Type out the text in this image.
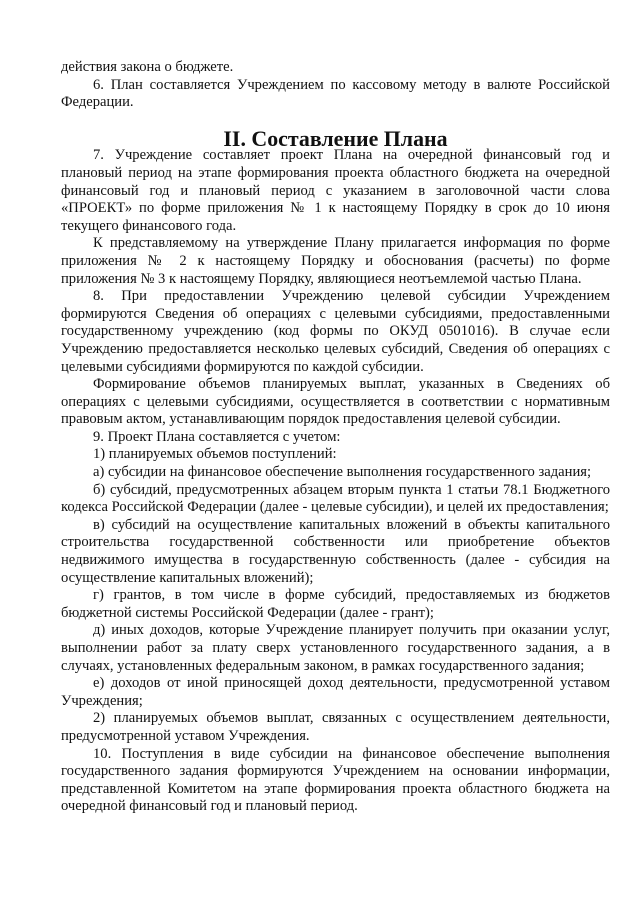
действия закона о бюджете.

6. План составляется Учреждением по кассовому методу в валюте Российской Федерации.

II. Составление Плана

7. Учреждение составляет проект Плана на очередной финансовый год и плановый период на этапе формирования проекта областного бюджета на очередной финансовый год и плановый период с указанием в заголовочной части слова «ПРОЕКТ» по форме приложения № 1 к настоящему Порядку в срок до 10 июня текущего финансового года.

К представляемому на утверждение Плану прилагается информация по форме приложения № 2 к настоящему Порядку и обоснования (расчеты) по форме приложения № 3 к настоящему Порядку, являющиеся неотъемлемой частью Плана.

8. При предоставлении Учреждению целевой субсидии Учреждением формируются Сведения об операциях с целевыми субсидиями, предоставленными государственному учреждению (код формы по ОКУД 0501016). В случае если Учреждению предоставляется несколько целевых субсидий, Сведения об операциях с целевыми субсидиями формируются по каждой субсидии.

Формирование объемов планируемых выплат, указанных в Сведениях об операциях с целевыми субсидиями, осуществляется в соответствии с нормативным правовым актом, устанавливающим порядок предоставления целевой субсидии.

9. Проект Плана составляется с учетом:

1) планируемых объемов поступлений:

а) субсидии на финансовое обеспечение выполнения государственного задания;

б) субсидий, предусмотренных абзацем вторым пункта 1 статьи 78.1 Бюджетного кодекса Российской Федерации (далее - целевые субсидии), и целей их предоставления;

в) субсидий на осуществление капитальных вложений в объекты капитального строительства государственной собственности или приобретение объектов недвижимого имущества в государственную собственность (далее - субсидия на осуществление капитальных вложений);

г) грантов, в том числе в форме субсидий, предоставляемых из бюджетов бюджетной системы Российской Федерации (далее - грант);

д) иных доходов, которые Учреждение планирует получить при оказании услуг, выполнении работ за плату сверх установленного государственного задания, а в случаях, установленных федеральным законом, в рамках государственного задания;

е) доходов от иной приносящей доход деятельности, предусмотренной уставом Учреждения;

2) планируемых объемов выплат, связанных с осуществлением деятельности, предусмотренной уставом Учреждения.

10. Поступления в виде субсидии на финансовое обеспечение выполнения государственного задания формируются Учреждением на основании информации, представленной Комитетом на этапе формирования проекта областного бюджета на очередной финансовый год и плановый период.
